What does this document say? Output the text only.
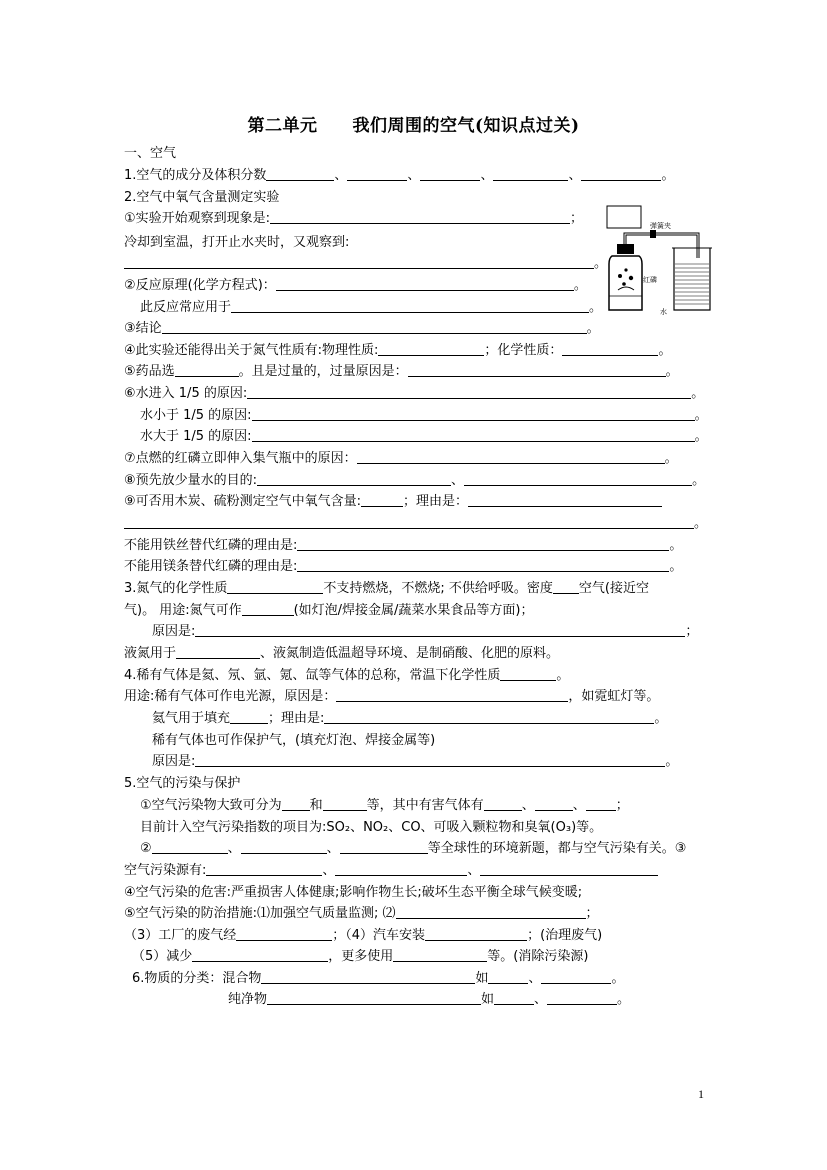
第二单元　　我们周围的空气(知识点过关)
弹簧夹
红磷
水
一、空气
1.空气的成分及体积分数	、	、	、	、	。
2.空气中氧气含量测定实验
①实验开始观察到现象是:	；
冷却到室温，打开止水夹时，又观察到:
。
②反应原理(化学方程式)：	。
此反应常应用于	。
③结论	。
④此实验还能得出关于氮气性质有:物理性质:	；化学性质：	。
⑤药品选	。且是过量的，过量原因是：	。
⑥水进入 1/5 的原因:	。
水小于 1/5 的原因:	。
水大于 1/5 的原因:	。
⑦点燃的红磷立即伸入集气瓶中的原因：	。
⑧预先放少量水的目的:	、	。
⑨可否用木炭、硫粉测定空气中氧气含量:	；理由是：
。
不能用铁丝替代红磷的理由是:	。
不能用镁条替代红磷的理由是:	。
3.氮气的化学性质	不支持燃烧，不燃烧; 不供给呼吸。密度 空气(接近空
气)。 用途:氮气可作	(如灯泡/焊接金属/蔬菜水果食品等方面)；
原因是:	；
液氮用于	、液氮制造低温超导环境、是制硝酸、化肥的原料。
4.稀有气体是氦、氖、氩、氪、氙等气体的总称，常温下化学性质	。
用途:稀有气体可作电光源，原因是：	，如霓虹灯等。
氦气用于填充	；理由是:	。
稀有气体也可作保护气，(填充灯泡、焊接金属等)
原因是:	。
5.空气的污染与保护
①空气污染物大致可分为 和	等，其中有害气体有	、	、 ；
目前计入空气污染指数的项目为:SO₂、NO₂、CO、可吸入颗粒物和臭氧(O₃)等。
②	、	、	等全球性的环境新题，都与空气污染有关。③
空气污染源有:	、	、
④空气污染的危害:严重损害人体健康;影响作物生长;破坏生态平衡全球气候变暖;
⑤空气污染的防治措施:⑴加强空气质量监测; ⑵	；
（3）工厂的废气经	；（4）汽车安装	；(治理废气)
（5）减少	，更多使用	等。(消除污染源)
6.物质的分类：混合物	如	、	。
纯净物	如	、	。
1
